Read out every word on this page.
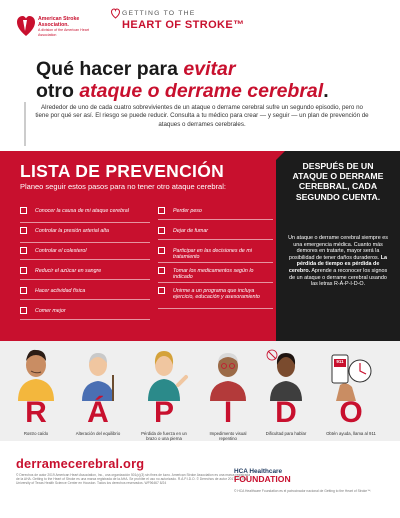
American Stroke Association.
A division of the American Heart Association
GETTING TO THE
HEART OF STROKE™
Qué hacer para evitar
otro ataque o derrame cerebral.

Alrededor de uno de cada cuatro sobrevivientes de un ataque o derrame cerebral sufre un segundo episodio, pero no tiene por qué ser así. El riesgo se puede reducir. Consulta a tu médico para crear — y seguir — un plan de prevención de ataques o derrames cerebrales.

LISTA DE PREVENCIÓN
Planeo seguir estos pasos para no tener otro ataque cerebral:
Conocer la causa de mi ataque cerebral
Controlar la presión arterial alta
Controlar el colesterol
Reducir el azúcar en sangre
Hacer actividad física
Comer mejor
Perder peso
Dejar de fumar
Participar en las decisiones de mi tratamiento
Tomar los medicamentos según lo indicado
Unirme a un programa que incluya ejercicio, educación y asesoramiento
DESPUÉS DE UN ATAQUE O DERRAME CEREBRAL, CADA SEGUNDO CUENTA.
Un ataque o derrame cerebral siempre es una emergencia médica. Cuanto más demores en tratarte, mayor será la posibilidad de tener daños duraderos. La pérdida de tiempo es pérdida de cerebro. Aprende a reconocer los signos de un ataque o derrame cerebral usando las letras R-Á-P-I-D-O.
911
R Á P	I	D O
Rostro caído	Alteración del equilibrio	Pérdida de fuerza en un brazo o una pierna
Impedimento visual repentino
Dificultad para hablar	Obtén ayuda, llama al 911
derramecerebral.org
© Derechos de autor 2019 American Heart Association, Inc., una organización 501(c)(3) sin fines de lucro. American Stroke Association es una marca registrada de la AHA. Getting to the Heart of Stroke es una marca registrada de la AHA. Se prohíbe el uso no autorizado. R.Á.P.I.D.O. © Derechos de autor 2017-2019, la University of Texas Health Science Center en Houston. Todos los derechos reservados. WF96467 8/24
HCA Healthcare
FOUNDATION
© HCA Healthcare Foundation es el patrocinador nacional de Getting to the Heart of Stroke™.
